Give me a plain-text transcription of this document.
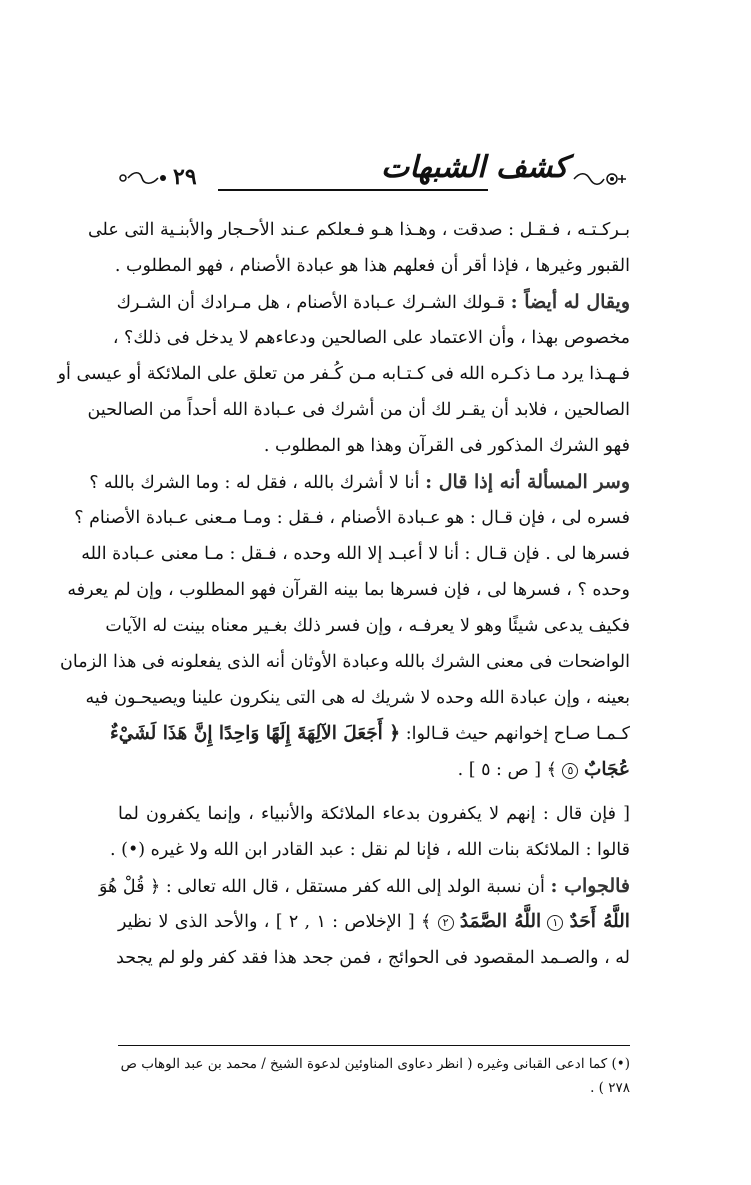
٢٩	كشف الشبهات
بـركـتـه ، فـقـل : صدقت ، وهـذا هـو فـعلكم عـند الأحـجار والأبنـية التى على
القبور وغيرها ، فإذا أقر أن فعلهم هذا هو عبادة الأصنام ، فهو المطلوب .
ويقال له أيضاً : قـولك الشـرك عـبادة الأصنام ، هل مـرادك أن الشـرك
مخصوص بهذا ، وأن الاعتماد على الصالحين ودعاءهم لا يدخل فى ذلك؟ ،
فـهـذا يرد مـا ذكـره الله فى كـتـابه مـن كُـفر من تعلق على الملائكة أو عيسى أو
الصالحين ، فلابد أن يقـر لك أن من أشرك فى عـبادة الله أحداً من الصالحين
فهو الشرك المذكور فى القرآن وهذا هو المطلوب .
وسر المسألة أنه إذا قال : أنا لا أشرك بالله ، فقل له : وما الشرك بالله ؟
فسره لى ، فإن قـال : هو عـبادة الأصنام ، فـقل : ومـا مـعنى عـبادة الأصنام ؟
فسرها لى . فإن قـال : أنا لا أعبـد إلا الله وحده ، فـقل : مـا معنى عـبادة الله
وحده ؟ ، فسرها لى ، فإن فسرها بما بينه القرآن فهو المطلوب ، وإن لم يعرفه
فكيف يدعى شيئًا وهو لا يعرفـه ، وإن فسر ذلك بغـير معناه بينت له الآيات
الواضحات فى معنى الشرك بالله وعبادة الأوثان أنه الذى يفعلونه فى هذا الزمان
بعينه ، وإن عبادة الله وحده لا شريك له هى التى ينكرون علينا ويصيحـون فيه
كـمـا صـاح إخوانهم حيث قـالوا: ﴿ أَجَعَلَ الآلِهَةَ إِلَهًا وَاحِدًا إِنَّ هَذَا لَشَيْءٌ
عُجَابٌ ٥ ﴾ [ ص : ٥ ] .
[ فإن قال : إنهم لا يكفرون بدعاء الملائكة والأنبياء ، وإنما يكفرون لما
قالوا : الملائكة بنات الله ، فإنا لم نقل : عبد القادر ابن الله ولا غيره (•) .
فالجواب : أن نسبة الولد إلى الله كفر مستقل ، قال الله تعالى : ﴿ قُلْ هُوَ
اللَّهُ أَحَدٌ ١ اللَّهُ الصَّمَدُ ٢ ﴾ [ الإخلاص : ١ , ٢ ] ، والأحد الذى لا نظير
له ، والصـمد المقصود فى الحوائج ، فمن جحد هذا فقد كفر ولو لم يجحد
(•) كما ادعى القبانى وغيره ( انظر دعاوى المناوئين لدعوة الشيخ / محمد بن عبد الوهاب ص ٢٧٨ ) .
